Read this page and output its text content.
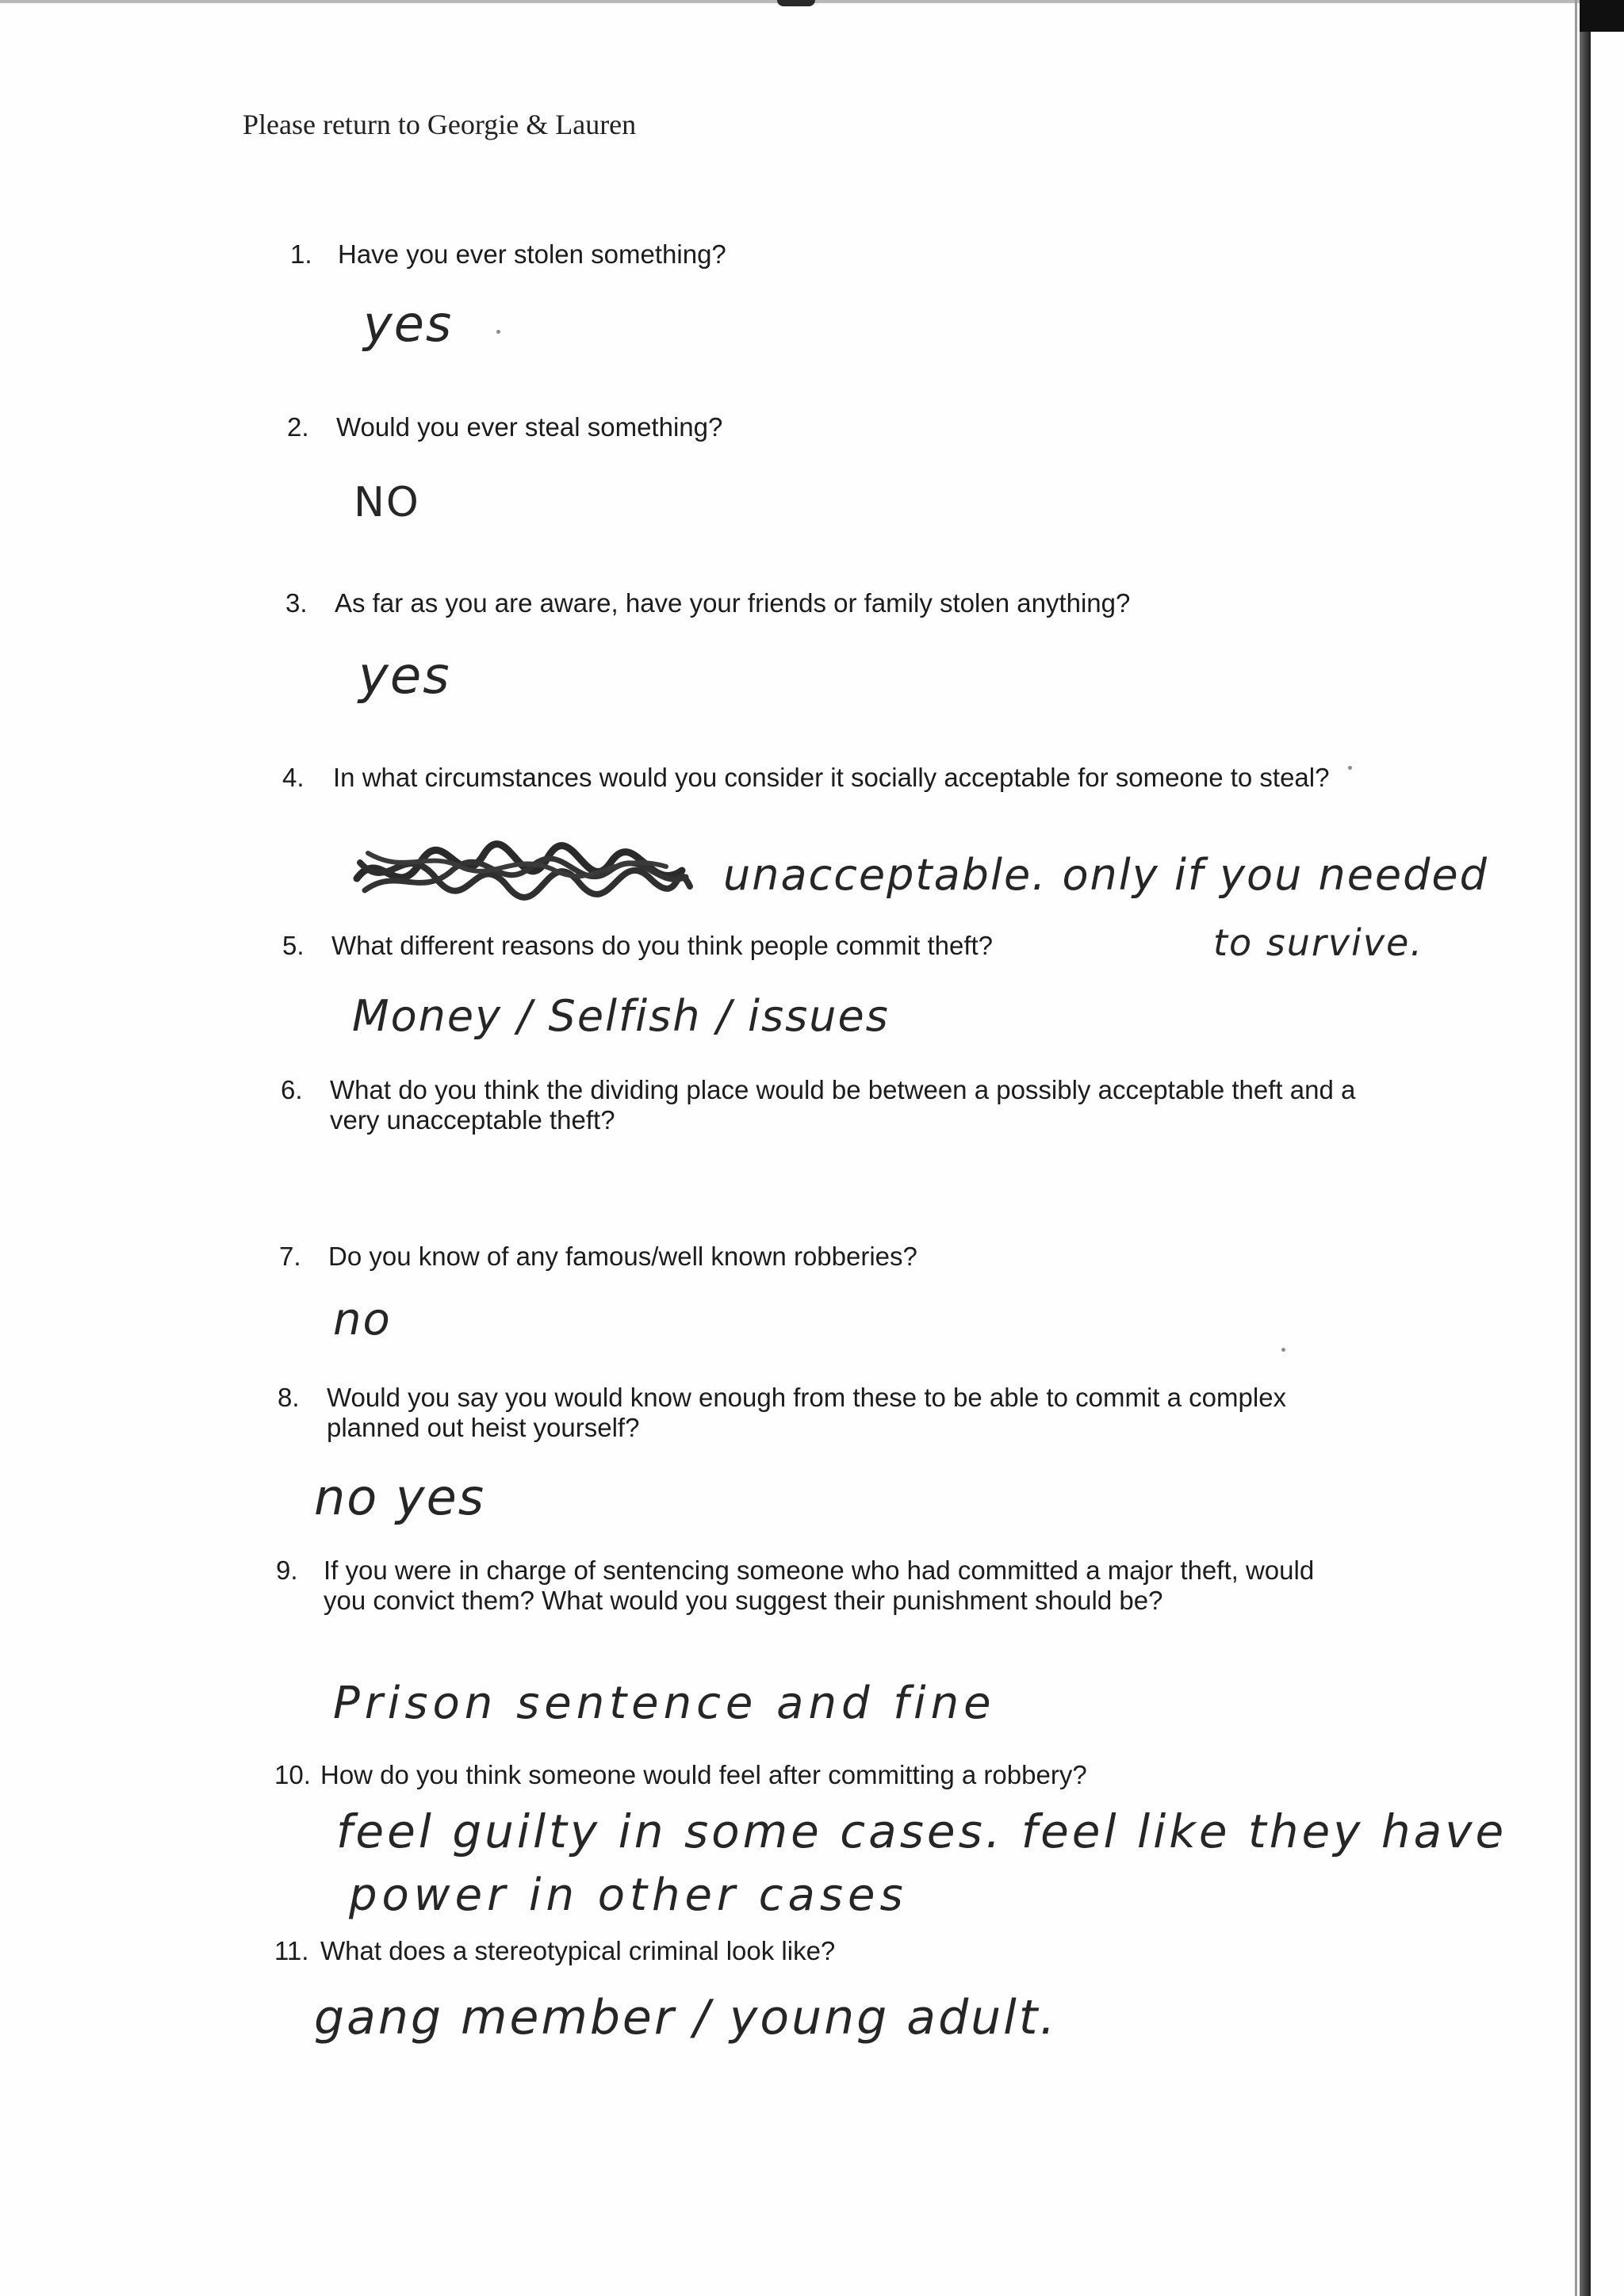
Please return to Georgie & Lauren
1. Have you ever stolen something?
yes
2. Would you ever steal something?
NO
3. As far as you are aware, have your friends or family stolen anything?
yes
4. In what circumstances would you consider it socially acceptable for someone to steal?
unacceptable. only if you needed
to survive.
5. What different reasons do you think people commit theft?
Money / Selfish / issues
6. What do you think the dividing place would be between a possibly acceptable theft and a very unacceptable theft?
7. Do you know of any famous/well known robberies?
no
8. Would you say you would know enough from these to be able to commit a complex planned out heist yourself?
no yes
9. If you were in charge of sentencing someone who had committed a major theft, would you convict them? What would you suggest their punishment should be?
Prison sentence and fine
10. How do you think someone would feel after committing a robbery?
feel guilty in some cases. feel like they have
power in other cases
11. What does a stereotypical criminal look like?
gang member / young adult.
